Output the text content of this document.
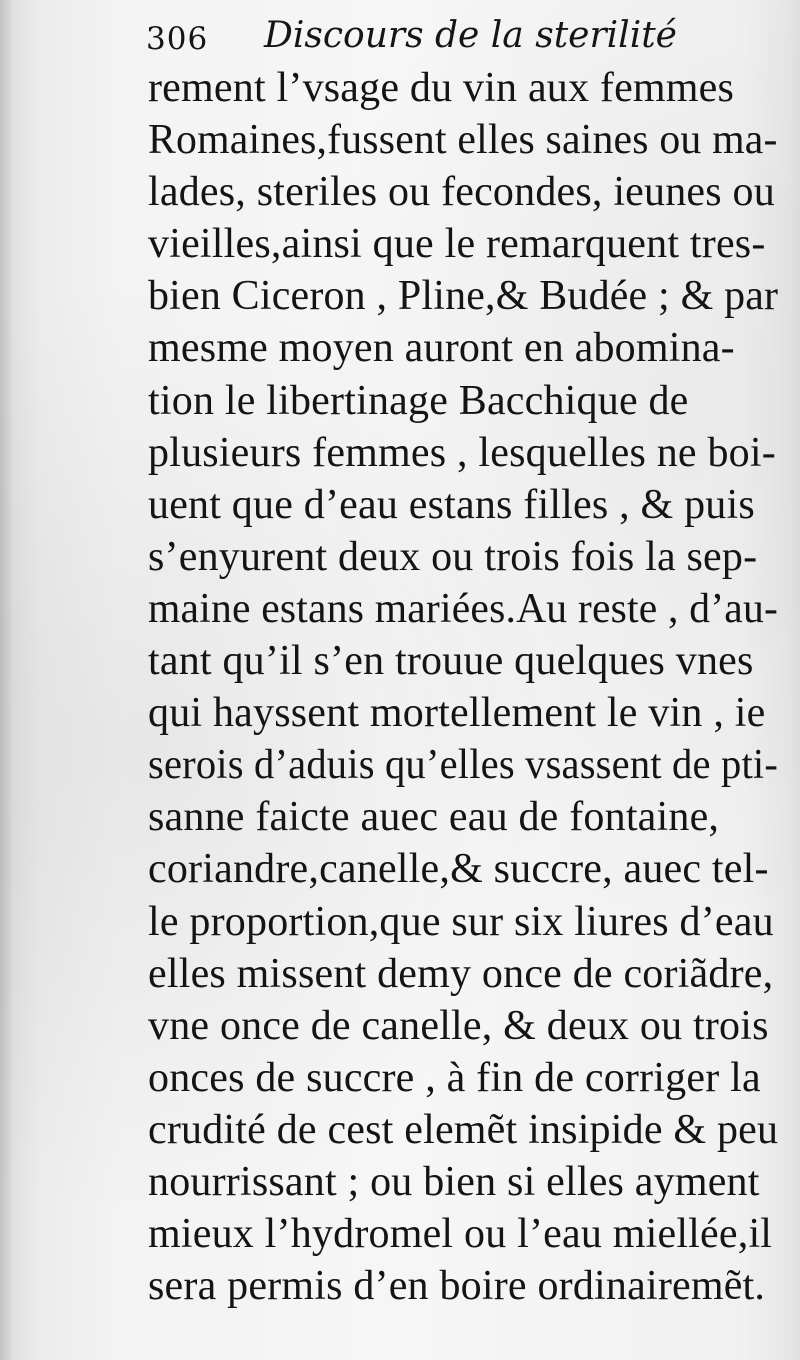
306 Discours de la sterilité
rement l’vsage du vin aux femmes
Romaines,fussent elles saines ou ma-
lades, steriles ou fecondes, ieunes ou
vieilles,ainsi que le remarquent tres-
bien Ciceron , Pline,& Budée ; & par
mesme moyen auront en abomina-
tion le libertinage Bacchique de
plusieurs femmes , lesquelles ne boi-
uent que d’eau estans filles , & puis
s’enyurent deux ou trois fois la sep-
maine estans mariées.Au reste , d’au-
tant qu’il s’en trouue quelques vnes
qui hayssent mortellement le vin , ie
serois d’aduis qu’elles vsassent de pti-
sanne faicte auec eau de fontaine,
coriandre,canelle,& succre, auec tel-
le proportion,que sur six liures d’eau
elles missent demy once de coriãdre,
vne once de canelle, & deux ou trois
onces de succre , à fin de corriger la
crudité de cest elemẽt insipide & peu
nourrissant ; ou bien si elles ayment
mieux l’hydromel ou l’eau miellée,il
sera permis d’en boire ordinairemẽt.
